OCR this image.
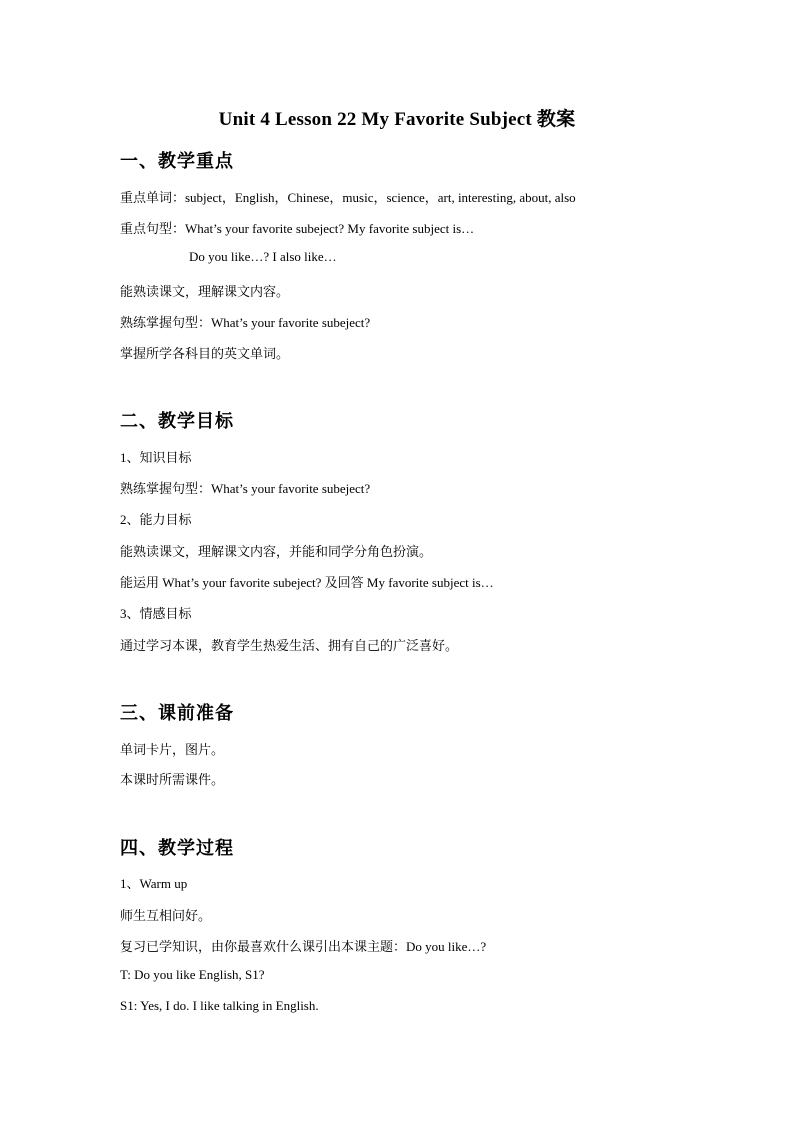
Unit 4 Lesson 22 My Favorite Subject 教案
一、教学重点
重点单词：subject，English，Chinese，music，science，art, interesting, about, also
重点句型：What’s your favorite subeject? My favorite subject is…
Do you like…? I also like…
能熟读课文，理解课文内容。
熟练掌握句型：What’s your favorite subeject?
掌握所学各科目的英文单词。
二、教学目标
1、知识目标
熟练掌握句型：What’s your favorite subeject?
2、能力目标
能熟读课文，理解课文内容，并能和同学分角色扮演。
能运用 What’s your favorite subeject? 及回答 My favorite subject is…
3、情感目标
通过学习本课，教育学生热爱生活、拥有自己的广泛喜好。
三、课前准备
单词卡片，图片。
本课时所需课件。
四、教学过程
1、Warm up
师生互相问好。
复习已学知识，由你最喜欢什么课引出本课主题：Do you like…?
T: Do you like English, S1?
S1: Yes, I do. I like talking in English.
